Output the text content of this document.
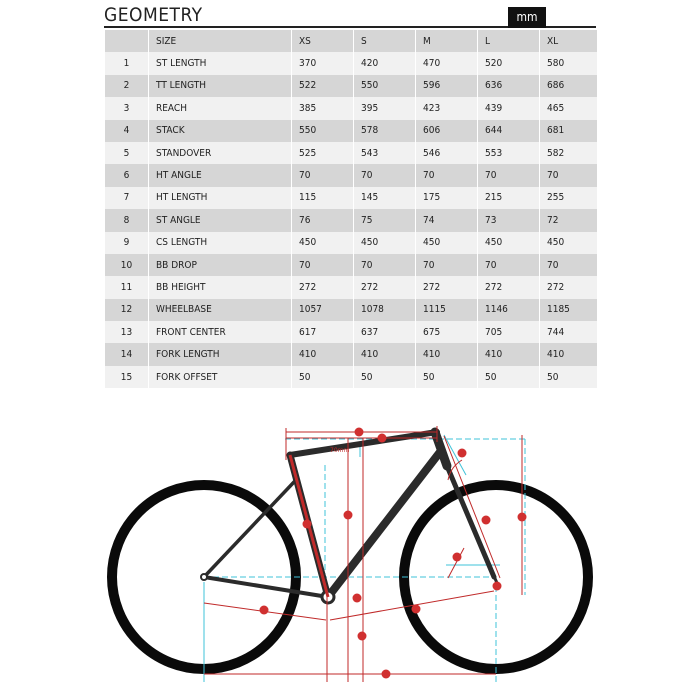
GEOMETRY	mm
	SIZE	XS	S	M	L	XL
1	ST LENGTH	370	420	470	520	580
2	TT LENGTH	522	550	596	636	686
3	REACH	385	395	423	439	465
4	STACK	550	578	606	644	681
5	STANDOVER	525	543	546	553	582
6	HT ANGLE	70	70	70	70	70
7	HT LENGTH	115	145	175	215	255
8	ST ANGLE	76	75	74	73	72
9	CS LENGTH	450	450	450	450	450
10	BB DROP	70	70	70	70	70
11	BB HEIGHT	272	272	272	272	272
12	WHEELBASE	1057	1078	1115	1146	1185
13	FRONT CENTER	617	637	675	705	744
14	FORK LENGTH	410	410	410	410	410
15	FORK OFFSET	50	50	50	50	50
70mm
